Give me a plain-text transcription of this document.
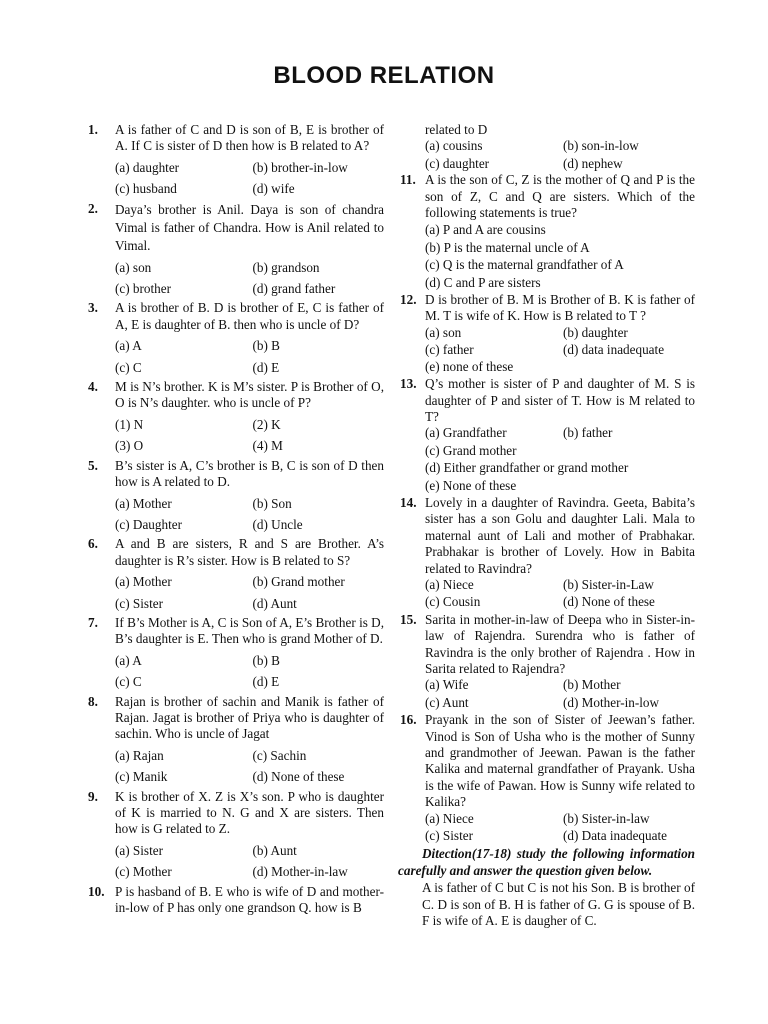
BLOOD RELATION
1. A is father of C and D is son of B, E is brother of A. If C is sister of D then how is B related to A?
(a) daughter	(b) brother-in-low
(c) husband	(d) wife
2. Daya’s brother is Anil. Daya is son of chandra Vimal is father of Chandra. How is Anil related to Vimal.
(a) son	(b) grandson
(c) brother	(d) grand father
3. A is brother of B. D is brother of E, C is father of A, E is daughter of B. then who is uncle of D?
(a) A	(b) B
(c) C	(d) E
4. M is N’s brother. K is M’s sister. P is Brother of O, O is N’s daughter. who is uncle of P?
(1) N	(2) K
(3) O	(4) M
5. B’s sister is A, C’s brother is B, C is son of D then how is A related to D.
(a) Mother	(b) Son
(c) Daughter	(d) Uncle
6. A and B are sisters, R and S are Brother. A’s daughter is R’s sister. How is B related to S?
(a) Mother	(b) Grand mother
(c) Sister	(d) Aunt
7. If B’s Mother is A, C is Son of A, E’s Brother is D, B’s daughter is E. Then who is grand Mother of D.
(a) A	(b) B
(c) C	(d) E
8. Rajan is brother of sachin and Manik is father of Rajan. Jagat is brother of Priya who is daughter of sachin. Who is uncle of Jagat
(a) Rajan	(c) Sachin
(c) Manik	(d) None of these
9. K is brother of X. Z is X’s son. P who is daughter of K is married to N. G and X are sisters. Then how is G related to Z.
(a) Sister	(b) Aunt
(c) Mother	(d) Mother-in-law
10. P is hasband of B. E who is wife of D and mother-in-low of P has only one grandson Q. how is B
related to D
(a) cousins	(b) son-in-low
(c) daughter	(d) nephew
11. A is the son of C, Z is the mother of Q and P is the son of Z, C and Q are sisters. Which of the following statements is true?
(a) P and A are cousins
(b) P is the maternal uncle of A
(c) Q is the maternal grandfather of A
(d) C and P are sisters
12. D is brother of B. M is Brother of B. K is father of M. T is wife of K. How is B related to T ?
(a) son	(b) daughter
(c) father	(d) data inadequate
(e) none of these
13. Q’s mother is sister of P and daughter of M. S is daughter of P and sister of T. How is M related to T?
(a) Grandfather	(b) father
(c) Grand mother
(d) Either grandfather or grand mother
(e) None of these
14. Lovely in a daughter of Ravindra. Geeta, Babita’s sister has a son Golu and daughter Lali. Mala to maternal aunt of Lali and mother of Prabhakar. Prabhakar is brother of Lovely. How in Babita related to Ravindra?
(a) Niece	(b) Sister-in-Law
(c) Cousin	(d) None of these
15. Sarita in mother-in-law of Deepa who in Sister-in-law of Rajendra. Surendra who is father of Ravindra is the only brother of Rajendra . How in Sarita related to Rajendra?
(a) Wife	(b) Mother
(c) Aunt	(d) Mother-in-low
16. Prayank in the son of Sister of Jeewan’s father. Vinod is Son of Usha who is the mother of Sunny and grandmother of Jeewan. Pawan is the father Kalika and maternal grandfather of Prayank. Usha is the wife of Pawan. How is Sunny wife related to Kalika?
(a) Niece	(b) Sister-in-law
(c) Sister	(d) Data inadequate
Ditection(17-18) study the following information carefully and answer the question given below.
A is father of C but C is not his Son. B is brother of C. D is son of B. H is father of G. G is spouse of B. F is wife of A. E is daugher of C.
